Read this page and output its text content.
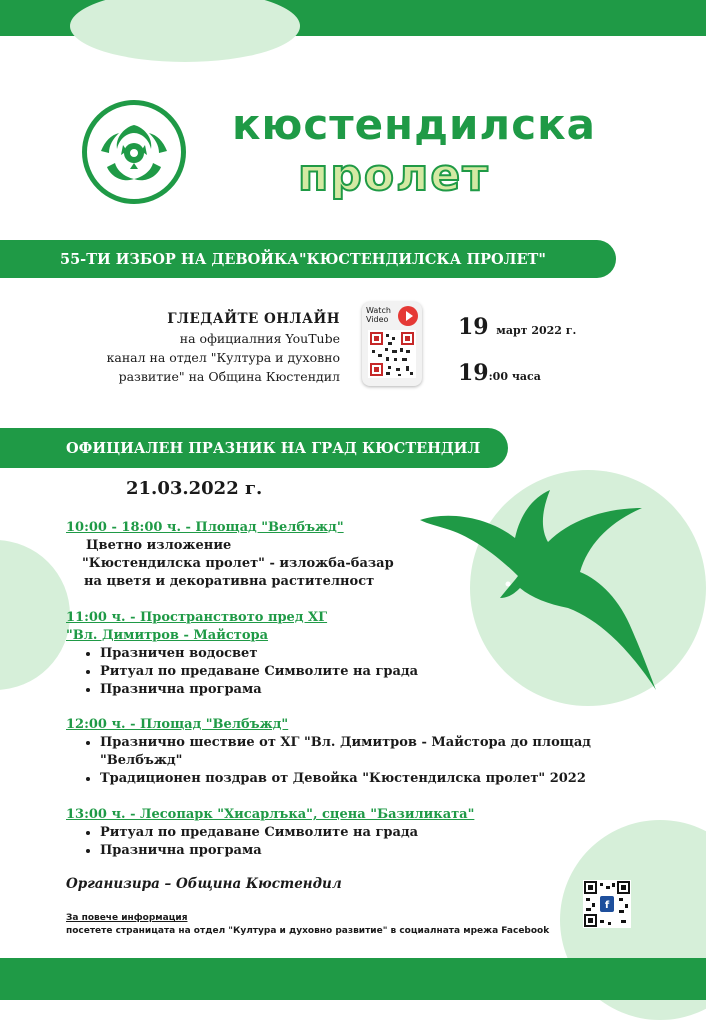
кюстендилска
пролет
55-ТИ ИЗБОР НА ДЕВОЙКА"КЮСТЕНДИЛСКА ПРОЛЕТ"
ГЛЕДАЙТЕ ОНЛАЙН
на официалния YouTube
канал на отдел "Култура и духовно
развитие" на Община Кюстендил
Watch
Video	19 март 2022 г.
19:00 часа
ОФИЦИАЛЕН ПРАЗНИК НА ГРАД КЮСТЕНДИЛ
21.03.2022 г.
10:00 - 18:00 ч. - Площад "Велбъжд"
Цветно изложение
"Кюстендилска пролет" - изложба-базар
на цветя и декоративна растителност
11:00 ч. - Пространството пред ХГ
"Вл. Димитров - Майстора
• Празничен водосвет
• Ритуал по предаване Символите на града
• Празнична програма
12:00 ч. - Площад "Велбъжд"
• Празнично шествие от ХГ "Вл. Димитров - Майстора до площад "Велбъжд"
• Традиционен поздрав от Девойка "Кюстендилска пролет" 2022
13:00 ч. - Лесопарк "Хисарлъка", сцена "Базиликата"
• Ритуал по предаване Символите на града
• Празнична програма
Организира – Община Кюстендил
За повече информация
посетете страницата на отдел "Култура и духовно развитие" в социалната мрежа Facebook
f
